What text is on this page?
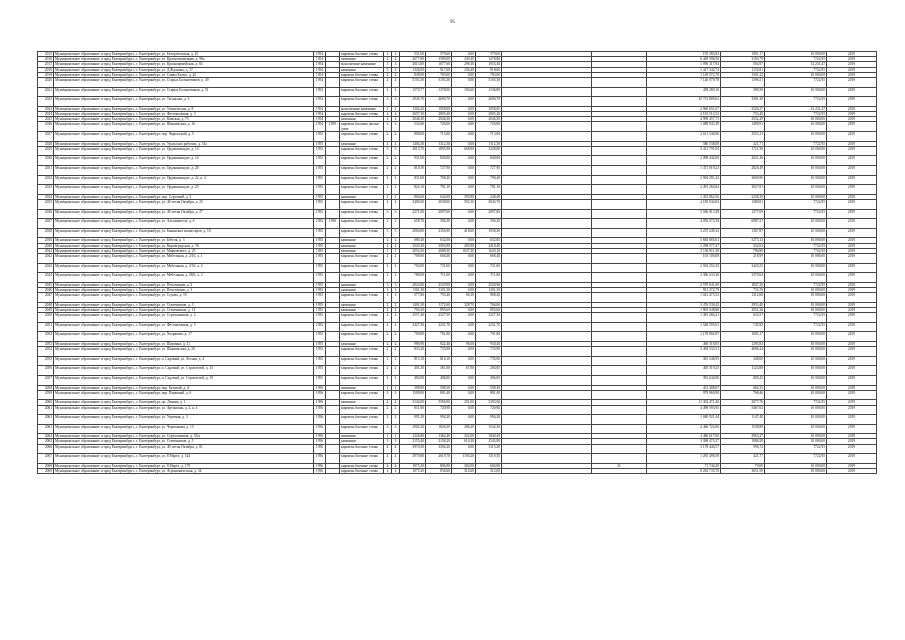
95
2015	Муниципальное образование «город Екатеринбург», г. Екатеринбург, ул. Белореченская, д. 10	1954		кирпичн.блочные стены	2	2	531,60	579,60	0,00	579,60			195 383,82	1901,17	10 000,00	2019
2016	Муниципальное образование «город Екатеринбург», г. Екатеринбург, ул. Краснознамённая, д. 98а	1954		каменные	4	2	2077,80	1599,00	249,40	1278,80			6 449 596,56	3103,79	7722,95	2019
2017	Муниципальное образование «город Екатеринбург», г. Екатеринбург, ул. Красноармейская, д. 84	1954		монолитные каменные	3	3	2013,80	1877,60	298,40	1935,40			1 096 317,94	584,97	12 231,47	2019
2018	Муниципальное образование «город Екатеринбург», г. Екатеринбург, ул. Д.Жданова, д. 37	1954		каменные	3	4	1326,00	917,60	236,40	918,60			1 417 342,74	1152,81	7722,95	2019
2019	Муниципальное образование «город Екатеринбург», г. Екатеринбург, ул. Саввы Белых, д. 25	1954		кирпичн.блочные стены	2	2	849,00	783,00	0,00	783,00			1 149 572,70	1501,22	10 000,00	2019
2020	Муниципальное образование «город Екатеринбург», г. Екатеринбург, ул. Старых Большевиков, д. 49	1954		кирпичн.блочные стены	4	4	5103,30	5103,30	0,00	5103,30			7 126 979,78	1396,51	7722,95	2019
2021	Муниципальное образование «город Екатеринбург», г. Екатеринбург, ул. Старых Большевиков, д. 51	1954		кирпичн.блочные стены	2	2	1570,77	1378,00	192,60	1136,80			459 269,16	399,39	10 000,00	2019
2022	Муниципальное образование «город Екатеринбург», г. Екатеринбург, ул. Таганская, д. 3	1954		кирпичн.блочные стены	3	3	2045,70	2690,70	0,00	2690,70			10 731 809,62	3301,30	7722,95	2019
2023	Муниципальное образование «город Екатеринбург», г. Екатеринбург, ул. Техническая, д. 8	1954		монолитные каменные	2	2	1304,20	1058,00	0,00	1058,00			2 960 651,67	2526,37	12 231,47	2019
2024	Муниципальное образование «город Екатеринбург», г. Екатеринбург, ул. Фестивальная, д. 3	1954		кирпичн.блочные стены	4	4	2657,30	2805,40	0,00	2805,40			2 103 512,52	753,40	7722,95	2019
2025	Муниципальное образование «город Екатеринбург», г. Екатеринбург, ул. Камская, д. 73	1954		каменные	2	2	2046,30	2046,30	0,00	2046,30			4 999 457,75	2032,49	10 000,00	2019
2026	Муниципальное образование «город Екатеринбург», г. Екатеринбург, ул. Шишимская, д. 16	1954	1959	кирпичн.блочные жилые дома	2	2	532,60	726,00	0,00	726,00			1 088 943,49	1499,91	10 000,00	2019
2027	Муниципальное образование «город Екатеринбург», г. Екатеринбург, пер. Черкасский, д. 5	1955		кирпичн.блочные стены	2	2	808,60	713,00	0,00	713,00			2 611 544,96	3553,11	10 000,00	2019
2028	Муниципальное образование «город Екатеринбург», г. Екатеринбург, ул. Уральских рабочих, д. 31а	1955		каменные	4	4	1404,30	1312,30	0,00	1312,30			580 538,08	421,71	7722,95	2019
2029	Муниципальное образование «город Екатеринбург», г. Екатеринбург, ул. Орджоникидзе, д. 12	1955		кирпичн.блочные стены	3	3	2013,70	1895,90	668,90	1228,00			3 413 791,84	1711,36	10 000,00	2019
2030	Муниципальное образование «город Екатеринбург», г. Екатеринбург, ул. Орджоникидзе, д. 14	1955		кирпичн.блочные стены	2	2	931,60	840,00	0,00	840,00			2 099 442,69	2021,46	10 000,00	2019
2031	Муниципальное образование «город Екатеринбург», г. Екатеринбург, ул. Орджоникидзе, д. 20	1955		кирпичн.блочные стены	2	2	810,50	727,90	0,00	727,90			1 471 019,23	2026,48	10 000,00	2019
2032	Муниципальное образование «город Екатеринбург», г. Екатеринбург, ул. Орджоникидзе, д. 22, к. 4	1955		кирпичн.блочные стены	2	2	831,60	798,40	0,00	798,40			2 904 291,42	3606,90	10 000,00	2019
2033	Муниципальное образование «город Екатеринбург», г. Екатеринбург, ул. Орджоникидзе, д. 25	1955		кирпичн.блочные стены	2	2	824,10	781,10	0,00	781,10			2 491 264,84	3027,81	10 000,00	2019
2034	Муниципальное образование «город Екатеринбург», г. Екатеринбург, пер. Сортовый, д. 3	1955		каменные	2	2	804,00	644,00	395,80	248,40			1 452 862,56	2238,39	10 000,00	2019
2035	Муниципальное образование «город Екатеринбург», г. Екатеринбург, ул. 40-летия Октября, д. 25	1955		кирпичн.блочные стены	4	4	3490,50	3038,00	592,30	3043,70			4 185 944,03	1380,81	7722,95	2019
2036	Муниципальное образование «город Екатеринбург», г. Екатеринбург, ул. 40-летия Октября, д. 27	1955		кирпичн.блочные стены	3	3	2271,00	2097,60	0,00	2097,60			3 566 913,39	1277,09	7722,95	2019
2037	Муниципальное образование «город Екатеринбург», г. Екатеринбург, ул. Альпинистов, д. 6	1955	1956	кирпичн.блочные стены	2	2	658,70	596,30	0,00	596,30			4 056 073,39	6987,57	10 000,00	2019
2038	Муниципальное образование «город Екатеринбург», г. Екатеринбург, ул. Бакинских комиссаров, д. 10	1955		кирпичн.блочные стены	3	3	2004,80	2356,90	418,60	1938,30			3 237 249,34	1367,87	10 000,00	2019
2039	Муниципальное образование «город Екатеринбург», г. Екатеринбург, ул. Бебеля, д. 3	1955		каменные	2	2	680,40	632,00	0,00	632,00			3 665 883,61	5273,13	10 000,00	2019
2040	Муниципальное образование «город Екатеринбург», г. Екатеринбург, ул. Кировградская, д. 56	1955		каменные	4	4	3520,30	3903,90	485,90	3418,40			1 298 577,47	332,63	7722,95	2019
2041	Муниципальное образование «город Екатеринбург», г. Екатеринбург, ул. Маяковского, д. 25	1955		каменные	3	3	2054,30	2688,30	1037,20	1620,10			2 136 911,30	794,90	7722,95	2019
2042	Муниципальное образование «город Екатеринбург», г. Екатеринбург, ул. Мебельная, д. 2/16, л. 1	1955		кирпичн.блочные стены	2	2	709,60	668,40	0,00	668,40			103 109,08	218,99	10 000,00	2019
2043	Муниципальное образование «город Екатеринбург», г. Екатеринбург, ул. Мебельная, д. 2/16, л. 2	1955		кирпичн.блочные стены	2	2	702,00	731,60	0,00	731,60			2 502 252,45	3420,25	10 000,00	2019
2044	Муниципальное образование «город Екатеринбург», г. Екатеринбург, ул. Мебельная, д. 28/6, л. 2	1955		кирпичн.блочные стены	2	2	780,00	711,00	0,00	711,00			2 396 633,26	3370,64	10 000,00	2019
2045	Муниципальное образование «город Екатеринбург», г. Екатеринбург, ул. Пехотинцев, д. 2	1955		каменные	3	3	2024,80	2520,90	0,00	2520,90			2 570 641,69	1847,20	7722,95	2019
2046	Муниципальное образование «город Екатеринбург», г. Екатеринбург, ул. Пехотинцев, д. 3	1955		каменные	3	3	1301,30	1301,30	0,00	1301,30			951 372,79	733,76	10 000,00	2019
2047	Муниципальное образование «город Екатеринбург», г. Екатеринбург, ул. Седова, д. 55	1955		кирпичн.блочные стены	2	2	577,80	793,40	86,30	908,40			1 041 473,53	1312,68	10 000,00	2019
2048	Муниципальное образование «город Екатеринбург», г. Екатеринбург, ул. Стачечников, д. 3	1955		каменные	2	2	1491,50	1172,60	328,70	766,60			3 476 538,42	2953,40	10 000,00	2019
2049	Муниципальное образование «город Екатеринбург», г. Екатеринбург, ул. Стачечников, д. 13	1955		каменные	2	2	794,30	895,60	0,00	895,60			1 805 048,88	2051,36	10 000,00	2019
2050	Муниципальное образование «город Екатеринбург», г. Екатеринбург, ул. Стрелочников, д. 2	1955		кирпичн.блочные стены	4	4	2557,40	2327,50	0,00	2327,50			1 481 284,21	633,57	7722,95	2019
2051	Муниципальное образование «город Екатеринбург», г. Екатеринбург, ул. Фестивальная, д. 5	1955		кирпичн.блочные стены	4	4	2427,30	2231,70	0,00	2231,70			1 548 595,63	745,92	7722,95	2019
2052	Муниципальное образование «город Екатеринбург», г. Екатеринбург, ул. Хохрякова, д. 17	1955		кирпичн.блочные стены	2	2	700,80	701,80	0,00	701,80			1 178 802,87	1601,17	10 000,00	2019
2053	Муниципальное образование «город Екатеринбург», г. Екатеринбург, ул. Шаумяна, д. 21	1955		каменные	2	2	986,90	822,40	96,00	930,40			460 518,85	1293,84	10 000,00	2019
2054	Муниципальное образование «город Екатеринбург», г. Екатеринбург, ул. Шишимская, д. 20	1955		кирпичн.блочные стены	2	2	833,20	735,90	0,00	735,90			3 465 533,51	4696,24	10 000,00	2019
2055	Муниципальное образование «город Екатеринбург», г. Екатеринбург, п. Садовый, ул. Лесная, д. 4	1955		кирпичн.блочные стены	2	2	815,10	816,10	0,00	735,90			381 546,95	448,00	10 000,00	2019
2056	Муниципальное образование «город Екатеринбург», г. Екатеринбург, п. Садовый, ул. Строителей, д. 13	1955		кирпичн.блочные стены	2	2	401,30	361,00	67,00	294,00			405 519,25	1123,88	10 000,00	2019
2057	Муниципальное образование «город Екатеринбург», г. Екатеринбург, п. Садовый, ул. Строителей, д. 19	1955		кирпичн.блочные стены	2	2	492,00	496,00	0,00	496,00			391 644,90	805,43	10 000,00	2019
2058	Муниципальное образование «город Екатеринбург», г. Екатеринбург, пер. Базовый, д. 4	1956		каменные	2	2	598,90	598,30	0,00	598,30			431 408,07	682,33	10 000,00	2019
2059	Муниципальное образование «город Екатеринбург», г. Екатеринбург, пер. Парковый, д. 6	1956		кирпичн.блочные стены	3	3	1509,90	801,40	0,00	801,40			979 960,98	768,46	10 000,00	2019
2060	Муниципальное образование «город Екатеринбург», г. Екатеринбург, пр. Ленина, д. 1	1956		каменные	4	4	3142,00	5594,00	201,00	5393,00			11 302 471,40	2077,76	7722,95	2019
2061	Муниципальное образование «город Екатеринбург», г. Екатеринбург, ул. Артинская, д. 2, к. 4	1956		кирпичн.блочные стены	2	2	811,80	720,90	0,00	720,90			4 498 593,95	5467,63	10 000,00	2019
2062	Муниципальное образование «город Екатеринбург», г. Екатеринбург, ул. Угрюмая, д. 3	1956		кирпичн.блочные стены	2	2	991,20	994,20	0,00	994,20			1 040 921,44	1147,40	10 000,00	2019
2063	Муниципальное образование «город Екатеринбург», г. Екатеринбург, ул. Черепанова, д. 15	1956		кирпичн.блочные стены	3	3	2002,20	1826,50	286,20	1542,30			4 466 722,06	1549,88	10 000,00	2019
2064	Муниципальное образование «город Екатеринбург», г. Екатеринбург, ул. Стрелочников, д. 33/а	1956		каменные	2	2	1326,00	1362,40	322,00	1040,40			4 486 617,06	3963,27	10 000,00	2019
2065	Муниципальное образование «город Екатеринбург», г. Екатеринбург, ул. Стачечников, д. 5	1956		каменные	3	3	2155,40	2158,20	614,30	1543,90			3 398 473,37	1086,58	10 000,00	2019
2066	Муниципальное образование «город Екатеринбург», г. Екатеринбург, ул. 40-летия Октября, д. 81	1956		кирпичн.блочные стены	4	4	3970,50	3394,20	0,00	3115,20			3 178 440,57	996,74	7722,95	2019
2067	Муниципальное образование «город Екатеринбург», г. Екатеринбург, ул. 8 Марта, д. 144	1956		кирпичн.блочные стены	4	4	2970,90	2619,70	1100,20	1519,50			1 285 498,58	421,77	7722,95	2019
2068	Муниципальное образование «город Екатеринбург», г. Екатеринбург, ул. 8 Марта, д. 179	1956		кирпичн.блочные стены	2	2	1075,20	806,80	302,00	604,80		21	71 744,20	79,00	10 000,00	2019
2069	Муниципальное образование «город Екатеринбург», г. Екатеринбург, ул. Агрономическая, д. 34	1956		кирпичн.блочные стены	2	2	1075,20	836,60	314,60	312,00			8 263 733,70	3651,59	10 000,00	2019
